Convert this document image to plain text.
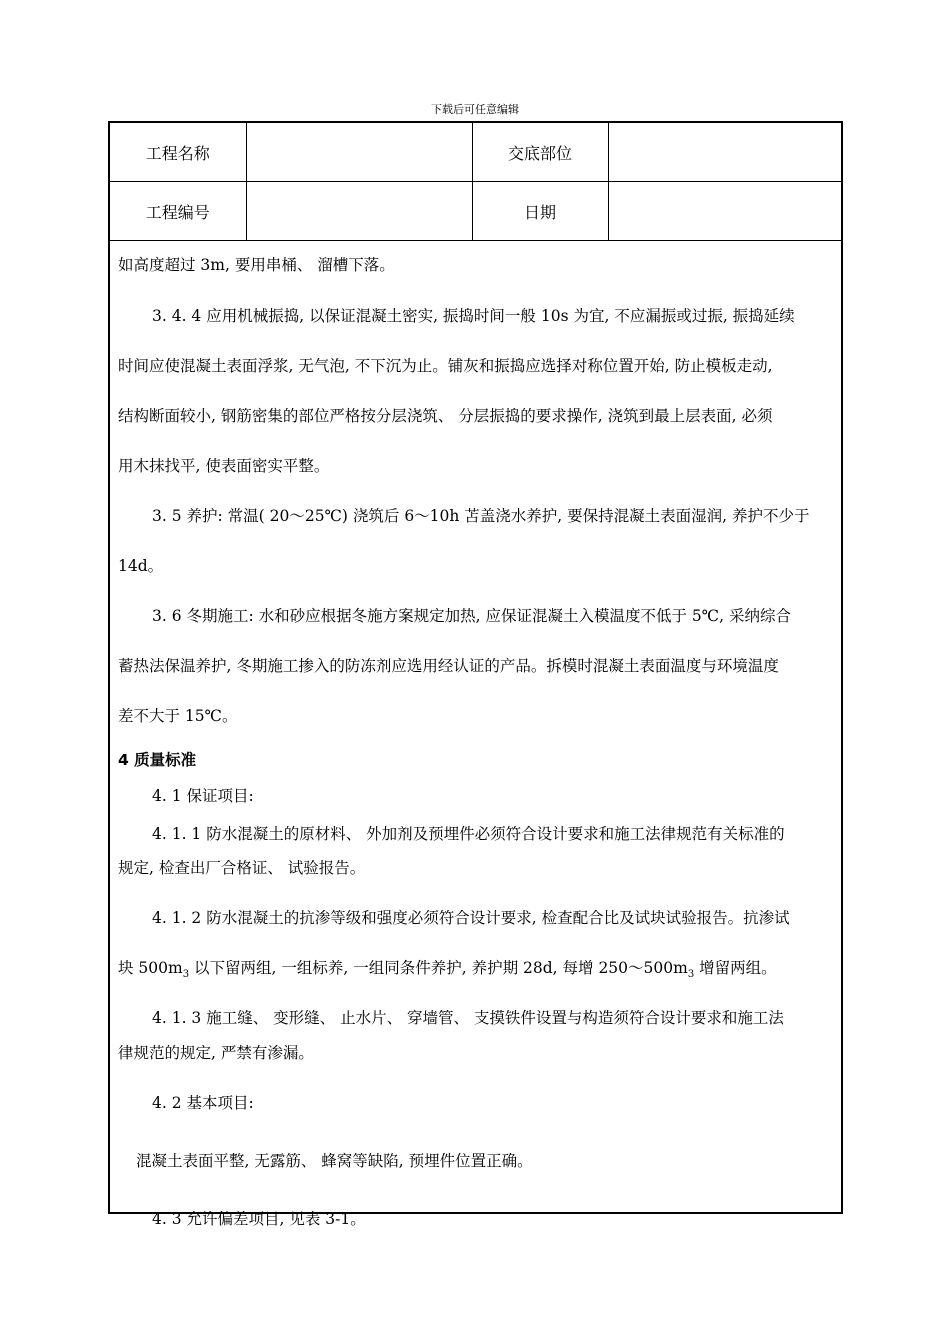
下载后可任意编辑
工程名称		交底部位	
工程编号		日期	

如高度超过 3m, 要用串桶、 溜槽下落。

3. 4. 4 应用机械振捣, 以保证混凝土密实, 振捣时间一般 10s 为宜, 不应漏振或过振, 振捣延续

时间应使混凝土表面浮浆, 无气泡, 不下沉为止。铺灰和振捣应选择对称位置开始, 防止模板走动,

结构断面较小, 钢筋密集的部位严格按分层浇筑、 分层振捣的要求操作, 浇筑到最上层表面, 必须

用木抹找平, 使表面密实平整。

3. 5 养护: 常温( 20～25℃) 浇筑后 6～10h 苫盖浇水养护, 要保持混凝土表面湿润, 养护不少于

14d。

3. 6 冬期施工: 水和砂应根据冬施方案规定加热, 应保证混凝土入模温度不低于 5℃, 采纳综合

蓄热法保温养护, 冬期施工掺入的防冻剂应选用经认证的产品。拆模时混凝土表面温度与环境温度

差不大于 15℃。

4 质量标准

4. 1 保证项目:

4. 1. 1 防水混凝土的原材料、 外加剂及预埋件必须符合设计要求和施工法律规范有关标准的

规定, 检查出厂合格证、 试验报告。

4. 1. 2 防水混凝土的抗渗等级和强度必须符合设计要求, 检查配合比及试块试验报告。抗渗试

块 $500m_3$ 以下留两组, 一组标养, 一组同条件养护, 养护期 28d, 每增 $250\sim 500m_3$ 增留两组。

4. 1. 3 施工缝、 变形缝、 止水片、 穿墙管、 支摸铁件设置与构造须符合设计要求和施工法

律规范的规定, 严禁有渗漏。

4. 2 基本项目:

混凝土表面平整, 无露筋、 蜂窝等缺陷, 预埋件位置正确。

4. 3 允许偏差项目, 见表 3-1。
